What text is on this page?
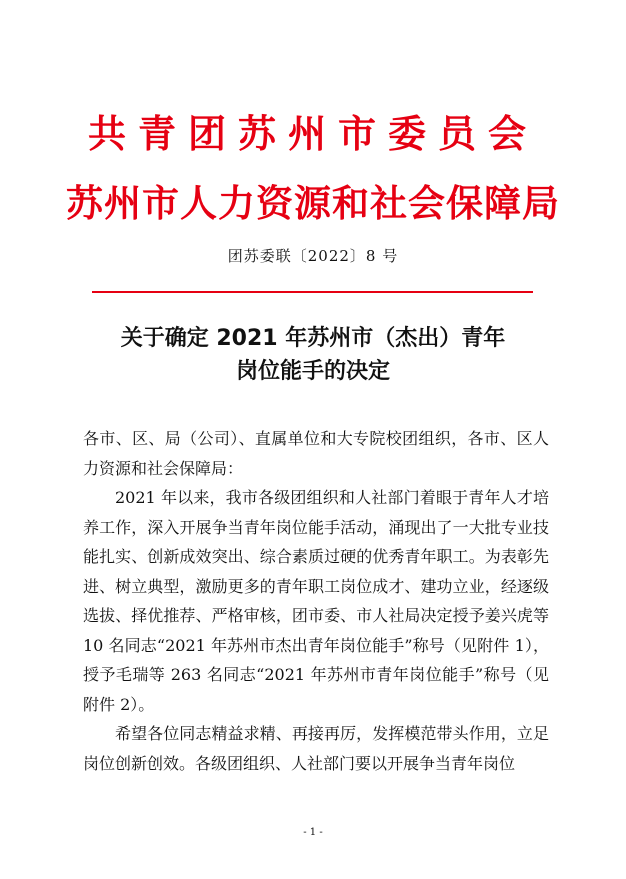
共青团苏州市委员会
苏州市人力资源和社会保障局
团苏委联〔2022〕8 号
关于确定 2021 年苏州市（杰出）青年
岗位能手的决定

各市、区、局（公司）、直属单位和大专院校团组织，各市、区人力资源和社会保障局：

2021 年以来，我市各级团组织和人社部门着眼于青年人才培养工作，深入开展争当青年岗位能手活动，涌现出了一大批专业技能扎实、创新成效突出、综合素质过硬的优秀青年职工。为表彰先进、树立典型，激励更多的青年职工岗位成才、建功立业，经逐级选拔、择优推荐、严格审核，团市委、市人社局决定授予姜兴虎等 10 名同志“2021 年苏州市杰出青年岗位能手”称号（见附件 1），授予毛瑞等 263 名同志“2021 年苏州市青年岗位能手”称号（见附件 2）。

希望各位同志精益求精、再接再厉，发挥模范带头作用，立足岗位创新创效。各级团组织、人社部门要以开展争当青年岗位

- 1 -
